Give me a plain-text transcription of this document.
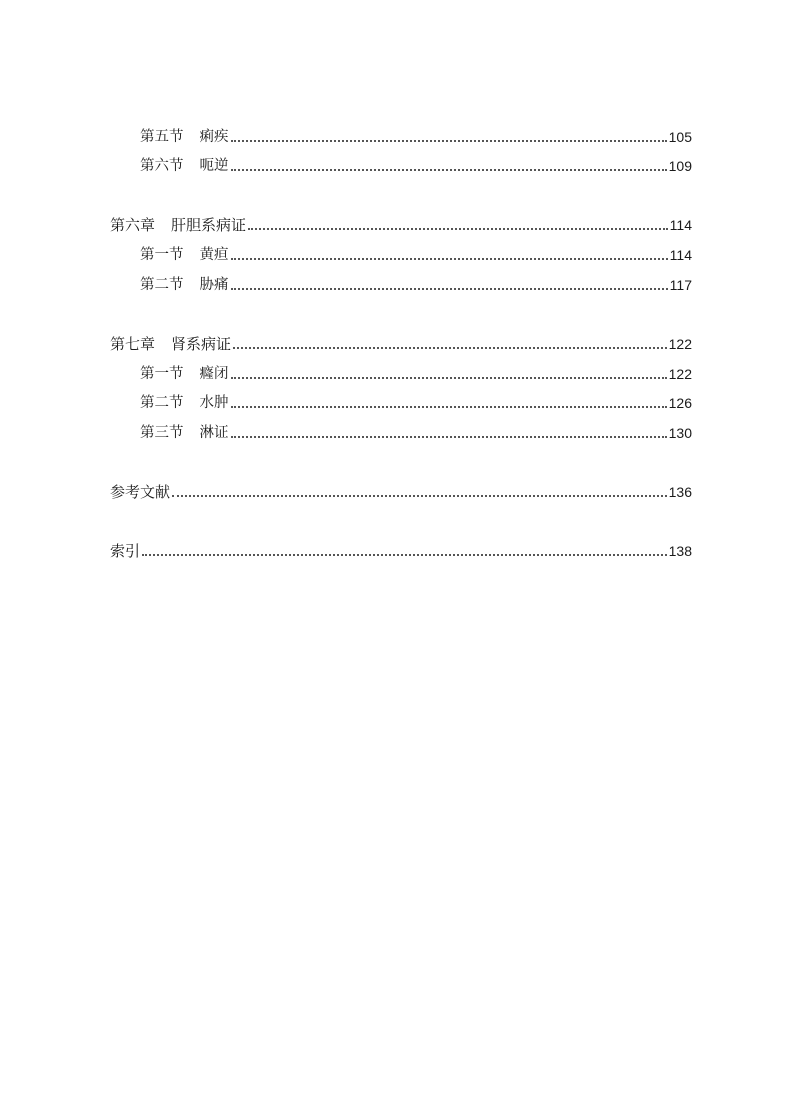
第五节 痢疾	105
第六节 呃逆	109
第六章 肝胆系病证	114
第一节 黄疸	114
第二节 胁痛	117
第七章 肾系病证	122
第一节 癃闭	122
第二节 水肿	126
第三节 淋证	130
参考文献	136
索引	138
